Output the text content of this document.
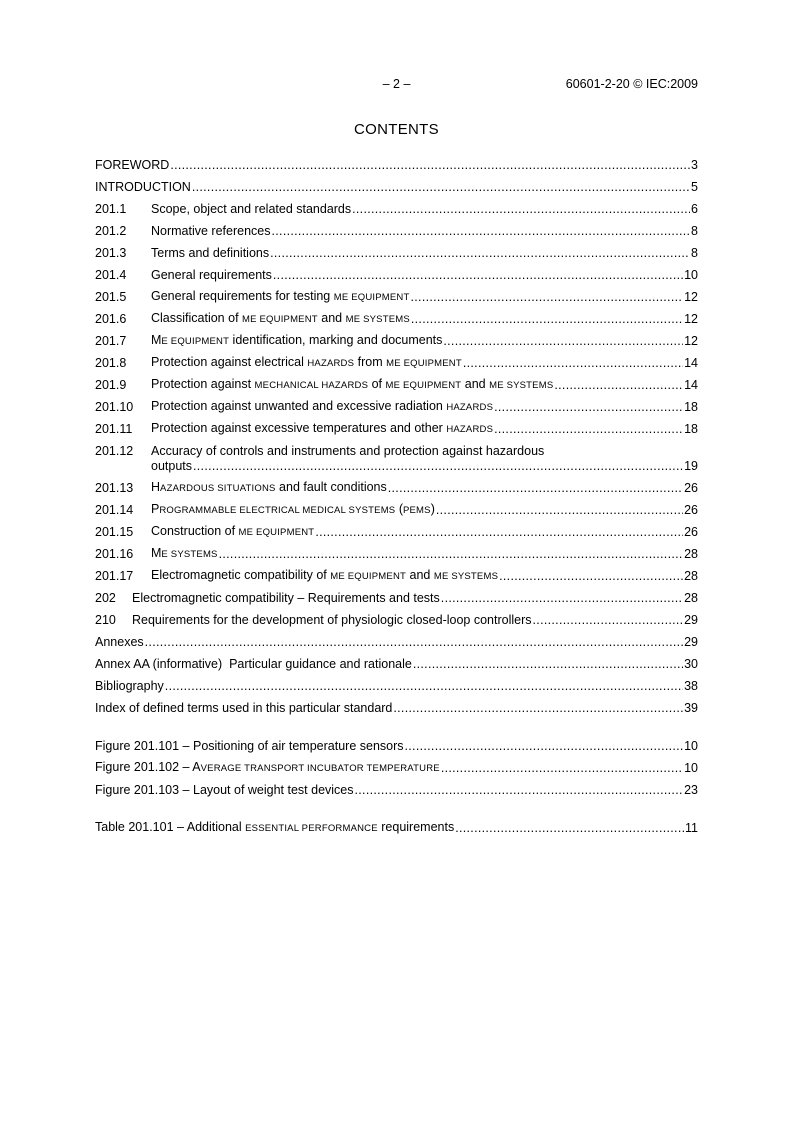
– 2 –	60601-2-20 © IEC:2009
CONTENTS
FOREWORD .....	3
INTRODUCTION .....	5
201.1	Scope, object and related standards .....	6
201.2	Normative references .....	8
201.3	Terms and definitions .....	8
201.4	General requirements .....	10
201.5	General requirements for testing ME EQUIPMENT .....	12
201.6	Classification of ME EQUIPMENT and ME SYSTEMS .....	12
201.7	ME EQUIPMENT identification, marking and documents .....	12
201.8	Protection against electrical HAZARDS from ME EQUIPMENT .....	14
201.9	Protection against MECHANICAL HAZARDS of ME EQUIPMENT and ME SYSTEMS .....	14
201.10	Protection against unwanted and excessive radiation HAZARDS .....	18
201.11	Protection against excessive temperatures and other HAZARDS .....	18
201.12	Accuracy of controls and instruments and protection against hazardous
outputs .....	19
201.13	HAZARDOUS SITUATIONS and fault conditions .....	26
201.14	PROGRAMMABLE ELECTRICAL MEDICAL SYSTEMS (PEMS) .....	26
201.15	Construction of ME EQUIPMENT .....	26
201.16	ME SYSTEMS .....	28
201.17	Electromagnetic compatibility of ME EQUIPMENT and ME SYSTEMS .....	28
202	Electromagnetic compatibility – Requirements and tests .....	28
210	Requirements for the development of physiologic closed-loop controllers .....	29
Annexes .....	29
Annex AA (informative)  Particular guidance and rationale .....	30
Bibliography .....	38
Index of defined terms used in this particular standard .....	39
Figure 201.101 – Positioning of air temperature sensors .....	10
Figure 201.102 – AVERAGE TRANSPORT INCUBATOR TEMPERATURE .....	10
Figure 201.103 – Layout of weight test devices .....	23
Table 201.101 – Additional ESSENTIAL PERFORMANCE requirements .....	11
